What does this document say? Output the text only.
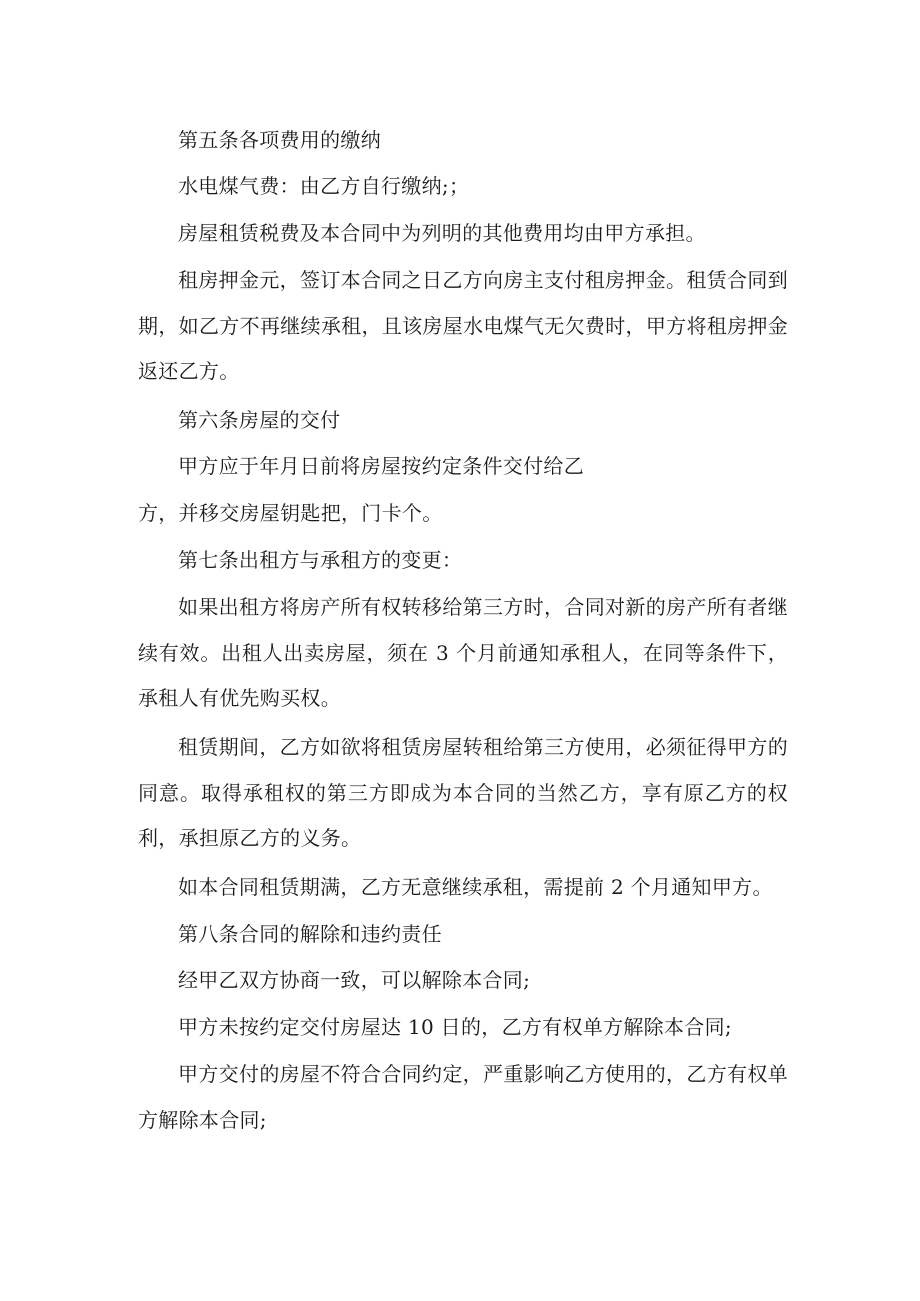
第五条各项费用的缴纳

水电煤气费：由乙方自行缴纳;；

房屋租赁税费及本合同中为列明的其他费用均由甲方承担。

租房押金元，签订本合同之日乙方向房主支付租房押金。租赁合同到期，如乙方不再继续承租，且该房屋水电煤气无欠费时，甲方将租房押金返还乙方。

第六条房屋的交付

甲方应于年月日前将房屋按约定条件交付给乙

方，并移交房屋钥匙把，门卡个。

第七条出租方与承租方的变更：

如果出租方将房产所有权转移给第三方时，合同对新的房产所有者继续有效。出租人出卖房屋，须在 3 个月前通知承租人，在同等条件下，承租人有优先购买权。

租赁期间，乙方如欲将租赁房屋转租给第三方使用，必须征得甲方的同意。取得承租权的第三方即成为本合同的当然乙方，享有原乙方的权利，承担原乙方的义务。

如本合同租赁期满，乙方无意继续承租，需提前 2 个月通知甲方。

第八条合同的解除和违约责任

经甲乙双方协商一致，可以解除本合同;

甲方未按约定交付房屋达 10 日的，乙方有权单方解除本合同;

甲方交付的房屋不符合合同约定，严重影响乙方使用的，乙方有权单方解除本合同;
